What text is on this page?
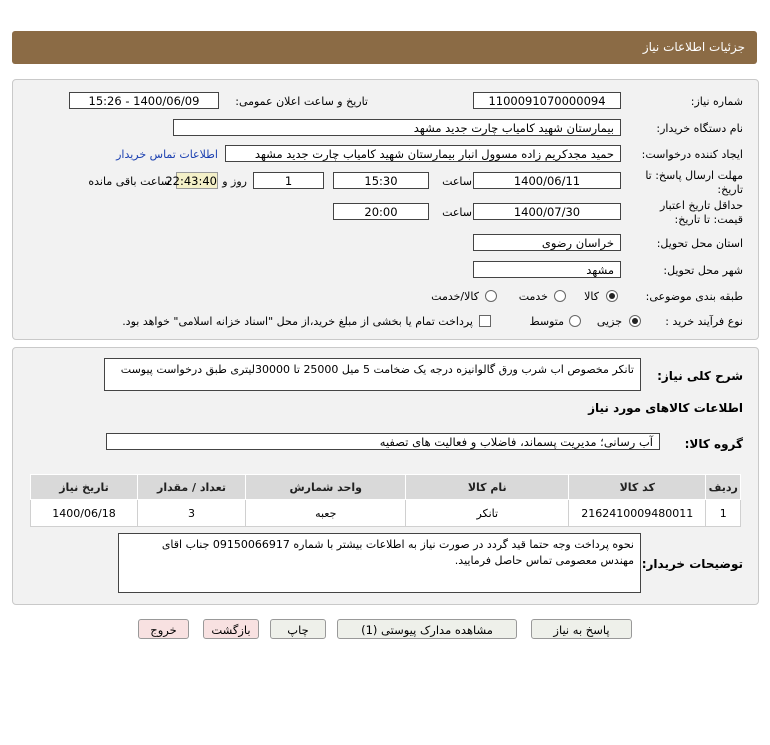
جزئیات اطلاعات نیاز
شماره نیاز:
1100091070000094
تاریخ و ساعت اعلان عمومی:
1400/06/09 - 15:26
نام دستگاه خریدار:
بیمارستان شهید کامیاب چارت جدید مشهد
ایجاد کننده درخواست:
حمید مجدکریم زاده مسوول انبار بیمارستان شهید کامیاب چارت جدید مشهد
اطلاعات تماس خریدار
مهلت ارسال پاسخ: تا
تاریخ:
1400/06/11
ساعت
15:30
1
روز و
22:43:40
ساعت باقی مانده
حداقل تاریخ اعتبار
قیمت: تا تاریخ:
1400/07/30
ساعت
20:00
استان محل تحویل:
خراسان رضوی
شهر محل تحویل:
مشهد
طبقه بندی موضوعی:
کالا
خدمت
کالا/خدمت
نوع فرآیند خرید :
جزیی
متوسط
پرداخت تمام یا بخشی از مبلغ خرید،از محل "اسناد خزانه اسلامی" خواهد بود.
شرح کلی نیاز:
تانکر مخصوص اب شرب ورق گالوانیزه درجه یک ضخامت 5 میل 25000 تا 30000لیتری طبق درخواست پیوست
اطلاعات کالاهای مورد نیاز
گروه کالا:
آب رسانی؛ مدیریت پسماند، فاضلاب و فعالیت های تصفیه
ردیف	کد کالا	نام کالا	واحد شمارش	تعداد / مقدار	تاریخ نیاز
1	2162410009480011	تانکر	جعبه	3	1400/06/18
توضیحات خریدار:
نحوه پرداخت وجه حتما قید گردد در صورت نیاز به اطلاعات بیشتر با شماره 09150066917 جناب اقای مهندس معصومی تماس حاصل فرمایید.
پاسخ به نیاز
مشاهده مدارک پیوستی (1)
چاپ
بازگشت
خروج
